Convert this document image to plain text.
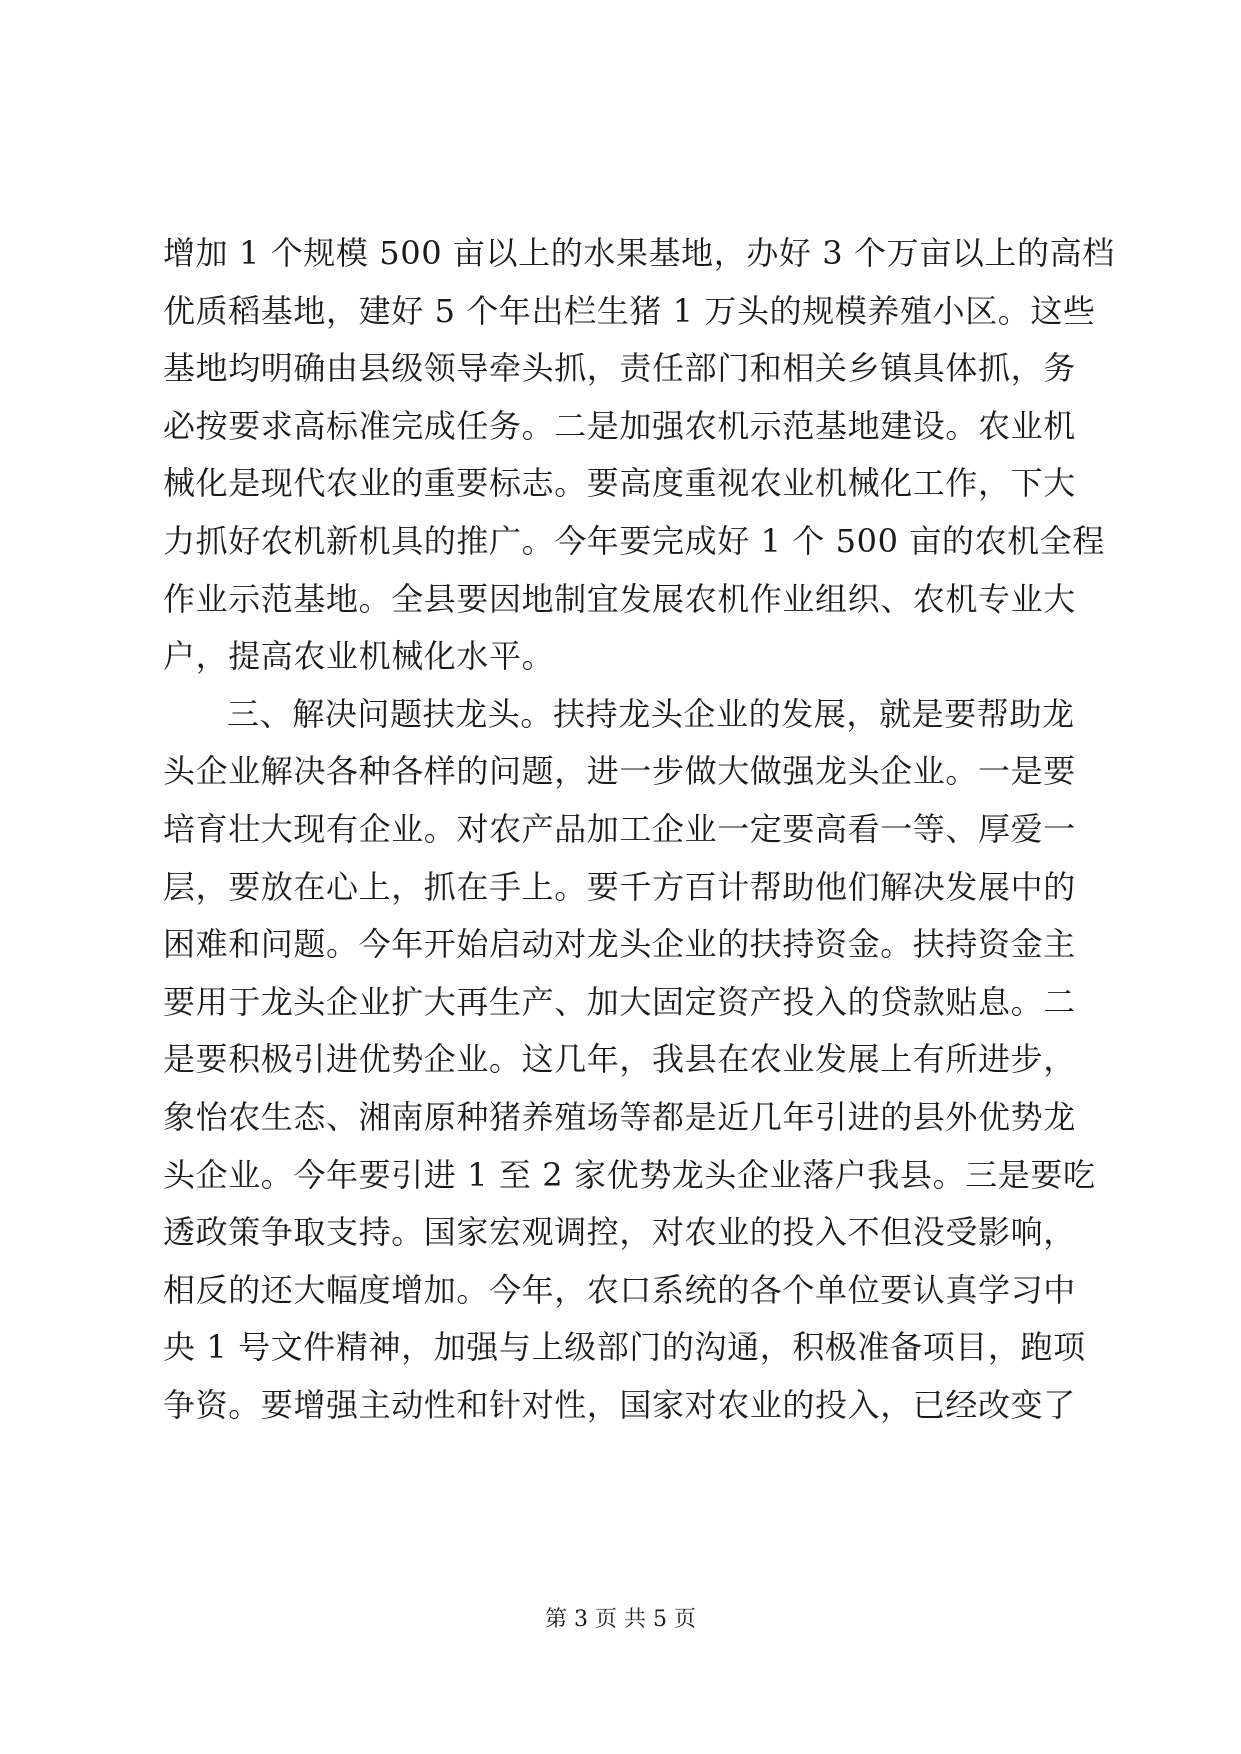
增加 1 个规模 500 亩以上的水果基地，办好 3 个万亩以上的高档
优质稻基地，建好 5 个年出栏生猪 1 万头的规模养殖小区。这些
基地均明确由县级领导牵头抓，责任部门和相关乡镇具体抓，务
必按要求高标准完成任务。二是加强农机示范基地建设。农业机
械化是现代农业的重要标志。要高度重视农业机械化工作，下大
力抓好农机新机具的推广。今年要完成好 1 个 500 亩的农机全程
作业示范基地。全县要因地制宜发展农机作业组织、农机专业大
户，提高农业机械化水平。
三、解决问题扶龙头。扶持龙头企业的发展，就是要帮助龙
头企业解决各种各样的问题，进一步做大做强龙头企业。一是要
培育壮大现有企业。对农产品加工企业一定要高看一等、厚爱一
层，要放在心上，抓在手上。要千方百计帮助他们解决发展中的
困难和问题。今年开始启动对龙头企业的扶持资金。扶持资金主
要用于龙头企业扩大再生产、加大固定资产投入的贷款贴息。二
是要积极引进优势企业。这几年，我县在农业发展上有所进步，
象怡农生态、湘南原种猪养殖场等都是近几年引进的县外优势龙
头企业。今年要引进 1 至 2 家优势龙头企业落户我县。三是要吃
透政策争取支持。国家宏观调控，对农业的投入不但没受影响，
相反的还大幅度增加。今年，农口系统的各个单位要认真学习中
央 1 号文件精神，加强与上级部门的沟通，积极准备项目，跑项
争资。要增强主动性和针对性，国家对农业的投入，已经改变了
第 3 页 共 5 页
